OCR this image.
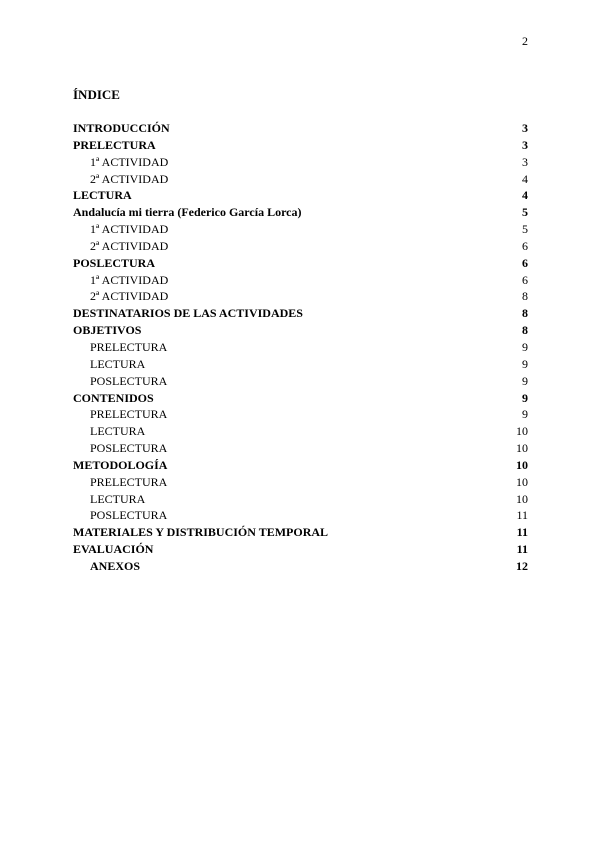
2
ÍNDICE
INTRODUCCIÓN	3
PRELECTURA	3
1ª ACTIVIDAD	3
2ª ACTIVIDAD	4
LECTURA	4
Andalucía mi tierra (Federico García Lorca)	5
1ª ACTIVIDAD	5
2ª ACTIVIDAD	6
POSLECTURA	6
1ª ACTIVIDAD	6
2ª ACTIVIDAD	8
DESTINATARIOS DE LAS ACTIVIDADES	8
OBJETIVOS	8
PRELECTURA	9
LECTURA	9
POSLECTURA	9
CONTENIDOS	9
PRELECTURA	9
LECTURA	10
POSLECTURA	10
METODOLOGÍA	10
PRELECTURA	10
LECTURA	10
POSLECTURA	11
MATERIALES Y DISTRIBUCIÓN TEMPORAL	11
EVALUACIÓN	11
ANEXOS	12
